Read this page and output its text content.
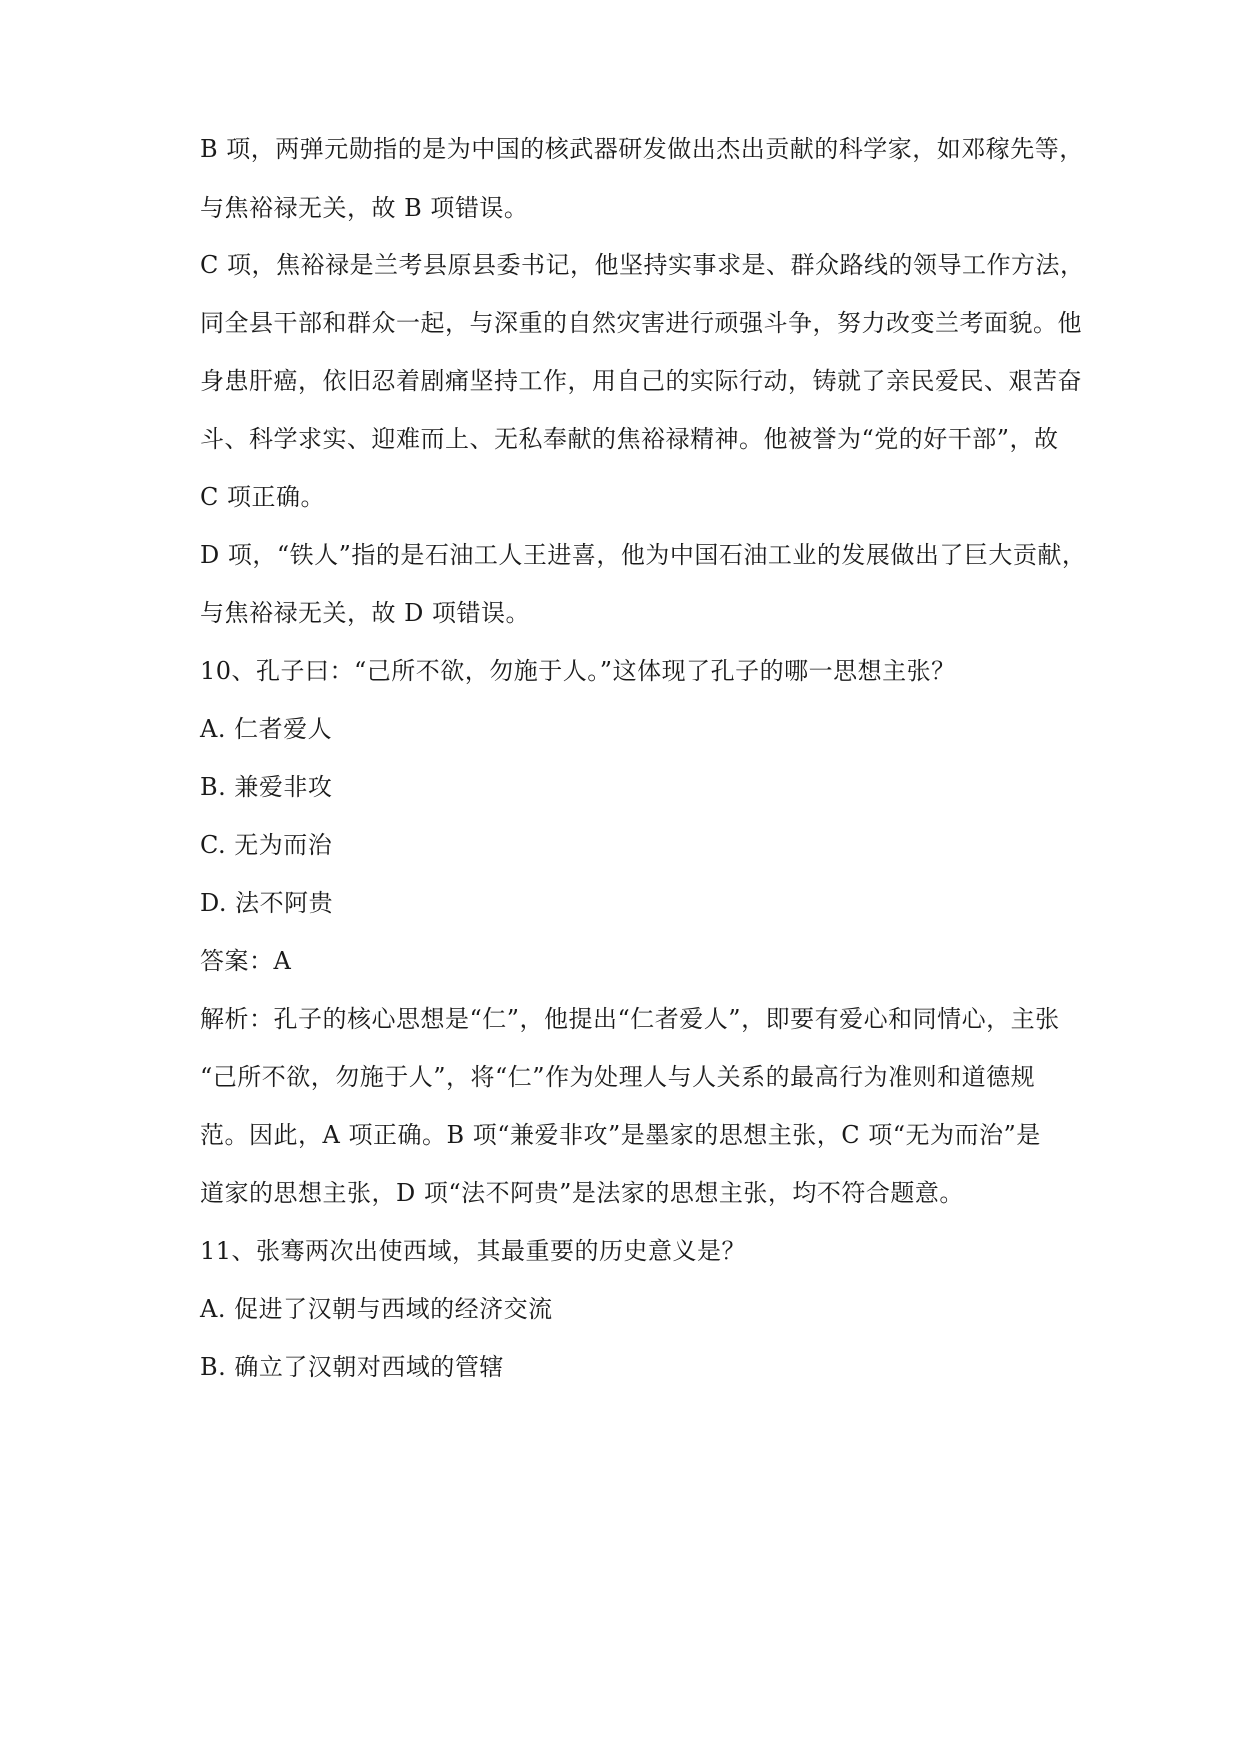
B 项，两弹元勋指的是为中国的核武器研发做出杰出贡献的科学家，如邓稼先等，
与焦裕禄无关，故 B 项错误。
C 项，焦裕禄是兰考县原县委书记，他坚持实事求是、群众路线的领导工作方法，
同全县干部和群众一起，与深重的自然灾害进行顽强斗争，努力改变兰考面貌。他
身患肝癌，依旧忍着剧痛坚持工作，用自己的实际行动，铸就了亲民爱民、艰苦奋
斗、科学求实、迎难而上、无私奉献的焦裕禄精神。他被誉为“党的好干部”，故
C 项正确。
D 项，“铁人”指的是石油工人王进喜，他为中国石油工业的发展做出了巨大贡献，
与焦裕禄无关，故 D 项错误。
10、孔子曰：“己所不欲，勿施于人。”这体现了孔子的哪一思想主张？
A. 仁者爱人
B. 兼爱非攻
C. 无为而治
D. 法不阿贵
答案：A
解析：孔子的核心思想是“仁”，他提出“仁者爱人”，即要有爱心和同情心，主张
“己所不欲，勿施于人”，将“仁”作为处理人与人关系的最高行为准则和道德规
范。因此，A 项正确。B 项“兼爱非攻”是墨家的思想主张，C 项“无为而治”是
道家的思想主张，D 项“法不阿贵”是法家的思想主张，均不符合题意。
11、张骞两次出使西域，其最重要的历史意义是？
A. 促进了汉朝与西域的经济交流
B. 确立了汉朝对西域的管辖
